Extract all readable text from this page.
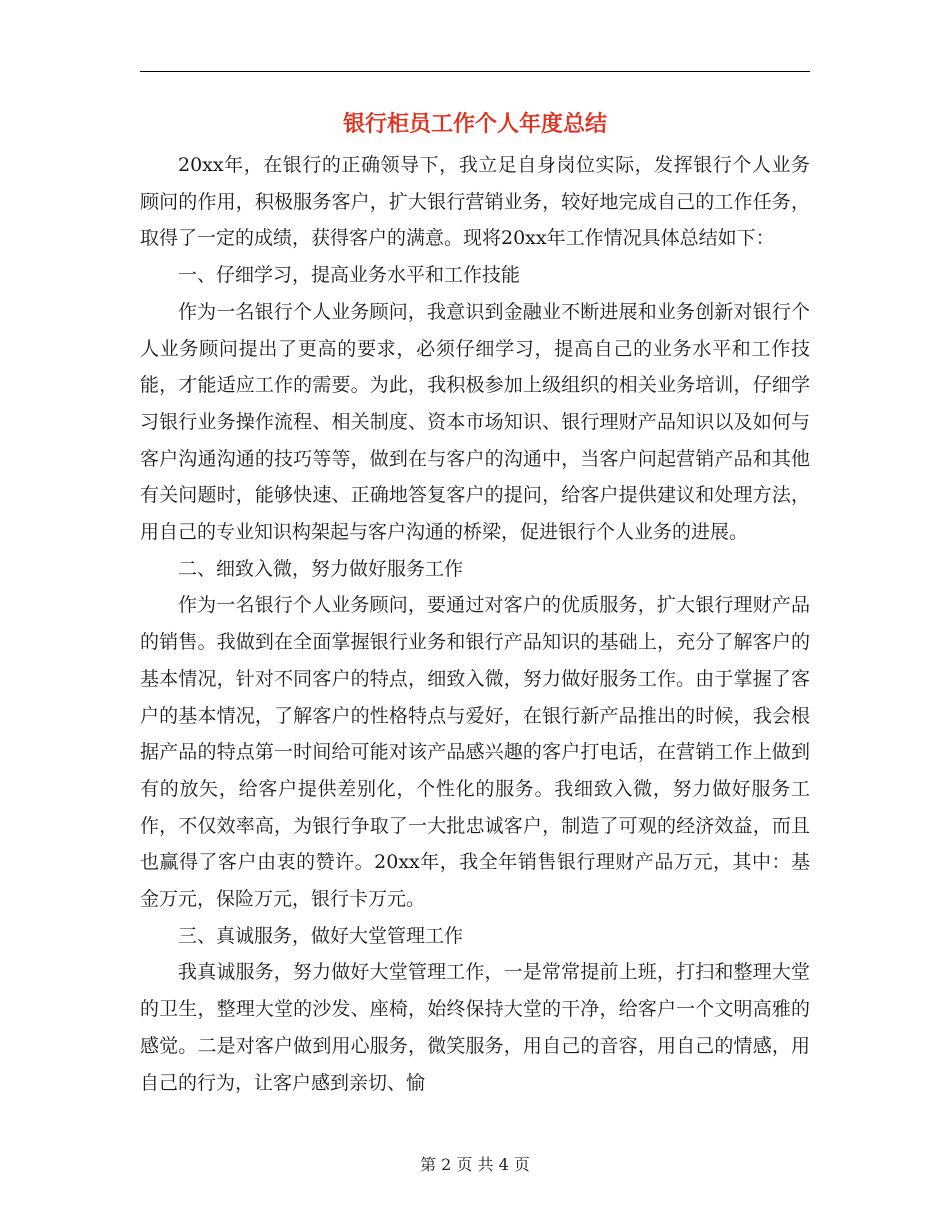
银行柜员工作个人年度总结

20xx年，在银行的正确领导下，我立足自身岗位实际，发挥银行个人业务顾问的作用，积极服务客户，扩大银行营销业务，较好地完成自己的工作任务，取得了一定的成绩，获得客户的满意。现将20xx年工作情况具体总结如下：

一、仔细学习，提高业务水平和工作技能

作为一名银行个人业务顾问，我意识到金融业不断进展和业务创新对银行个人业务顾问提出了更高的要求，必须仔细学习，提高自己的业务水平和工作技能，才能适应工作的需要。为此，我积极参加上级组织的相关业务培训，仔细学习银行业务操作流程、相关制度、资本市场知识、银行理财产品知识以及如何与客户沟通沟通的技巧等等，做到在与客户的沟通中，当客户问起营销产品和其他有关问题时，能够快速、正确地答复客户的提问，给客户提供建议和处理方法，用自己的专业知识构架起与客户沟通的桥梁，促进银行个人业务的进展。

二、细致入微，努力做好服务工作

作为一名银行个人业务顾问，要通过对客户的优质服务，扩大银行理财产品的销售。我做到在全面掌握银行业务和银行产品知识的基础上，充分了解客户的基本情况，针对不同客户的特点，细致入微，努力做好服务工作。由于掌握了客户的基本情况，了解客户的性格特点与爱好，在银行新产品推出的时候，我会根据产品的特点第一时间给可能对该产品感兴趣的客户打电话，在营销工作上做到有的放矢，给客户提供差别化，个性化的服务。我细致入微，努力做好服务工作，不仅效率高，为银行争取了一大批忠诚客户，制造了可观的经济效益，而且也赢得了客户由衷的赞许。20xx年，我全年销售银行理财产品万元，其中：基金万元，保险万元，银行卡万元。

三、真诚服务，做好大堂管理工作

我真诚服务，努力做好大堂管理工作，一是常常提前上班，打扫和整理大堂的卫生，整理大堂的沙发、座椅，始终保持大堂的干净，给客户一个文明高雅的感觉。二是对客户做到用心服务，微笑服务，用自己的音容，用自己的情感，用自己的行为，让客户感到亲切、愉

第 2 页 共 4 页
